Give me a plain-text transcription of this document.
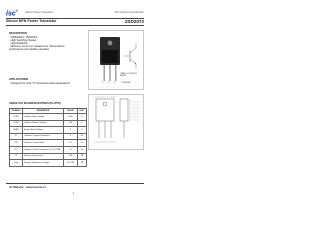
isc®	Silicon Power Transistor	ISC Product Specification
Silicon NPN Power Transistor	2SD2072
DESCRIPTION
· V(BR)CEO= 150V(Min)
· High Switching Speed
· High Reliability
· Minimum Lot-to-Lot variations for robust device performance and reliable operation
APPLICATIONS
· Designed for color TV horizontal output applications	1 2 3
1. BASE 2. COLLECTOR 3. EMITTER
TO-3PF(H)IS
ABSOLUTE MAXIMUM RATINGS(Ta=25℃)
SYMBOL	PARAMETER	VALUE	UNIT
VCBO	Collector-Base Voltage	1500	V
VCEO	Collector-Emitter Voltage	150	V
VEBO	Emitter-Base Voltage	5	V
IC	Collector Current-Continuous	8	A
ICP	Collector Current-Peak	16	A
PC	Collector Power Dissipation @ TC=25℃	70	W
TJ	Junction Temperature	150	℃
Tstg	Storage Temperature Range	-55~150	℃
isc Website：www.iscsemi.cn
1
